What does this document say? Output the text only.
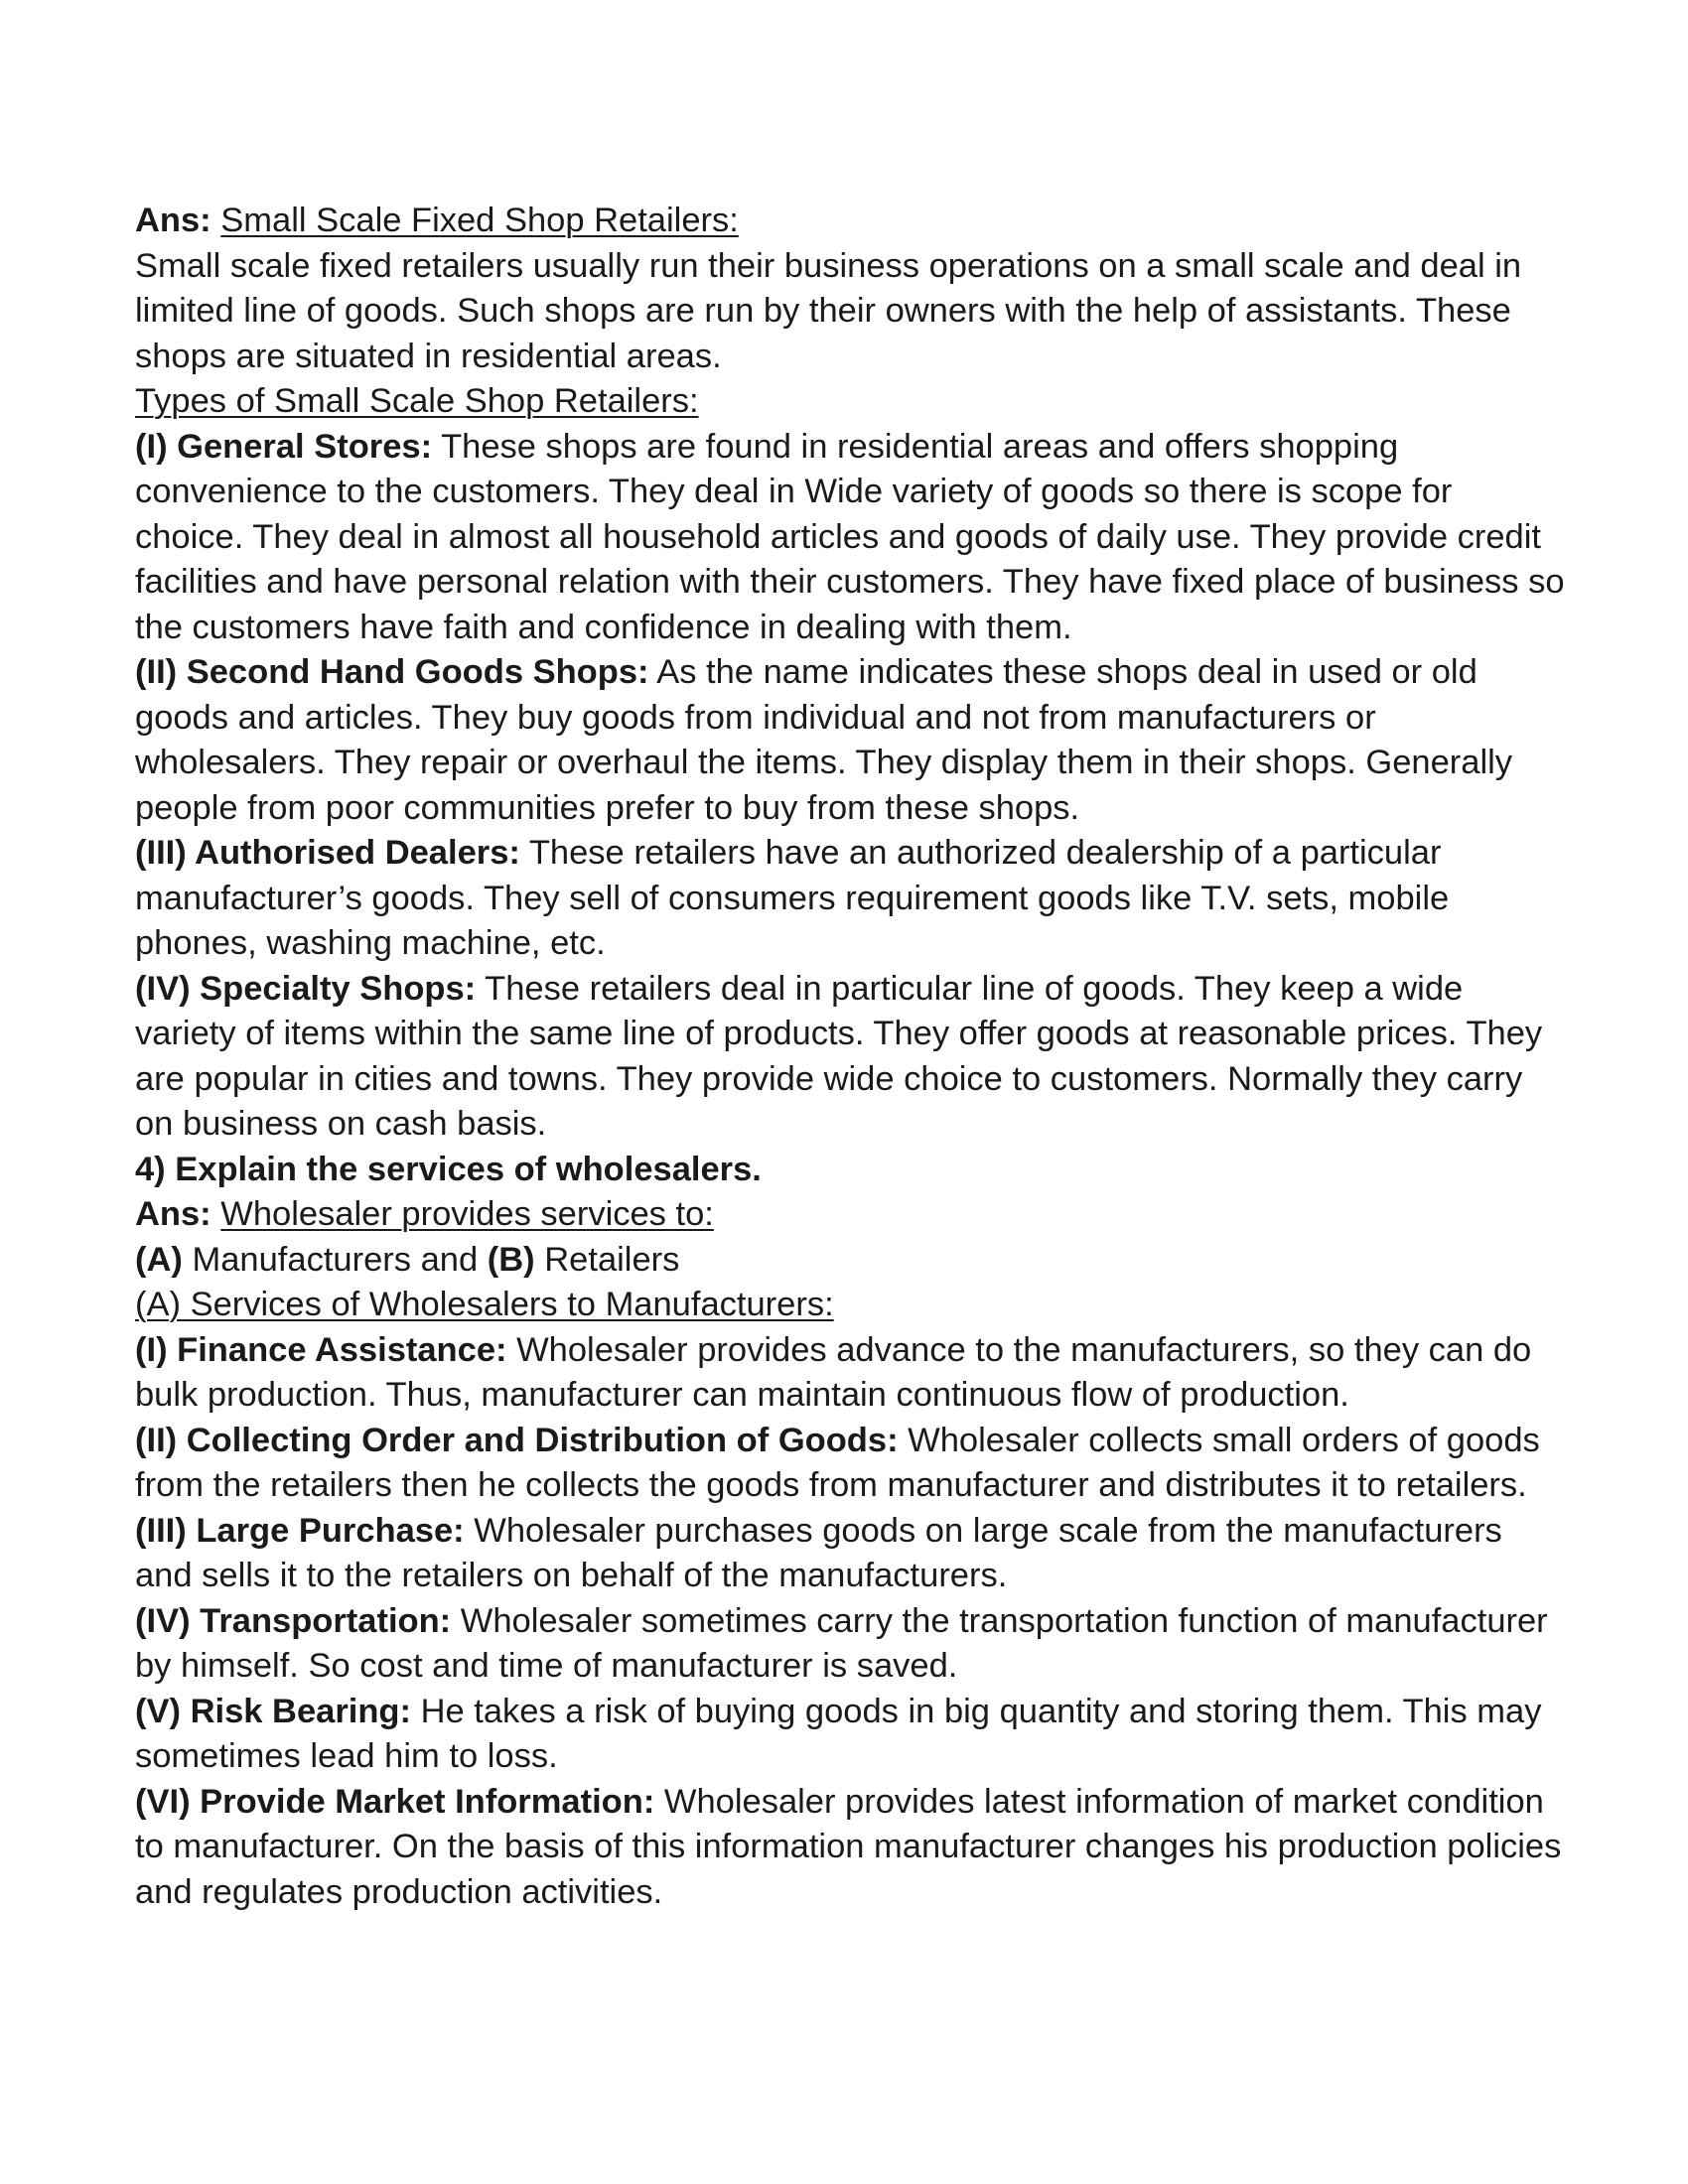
Ans: Small Scale Fixed Shop Retailers:
Small scale fixed retailers usually run their business operations on a small scale and deal in limited line of goods. Such shops are run by their owners with the help of assistants. These shops are situated in residential areas.
Types of Small Scale Shop Retailers:
(I) General Stores: These shops are found in residential areas and offers shopping convenience to the customers. They deal in Wide variety of goods so there is scope for choice. They deal in almost all household articles and goods of daily use. They provide credit facilities and have personal relation with their customers. They have fixed place of business so the customers have faith and confidence in dealing with them.
(II) Second Hand Goods Shops: As the name indicates these shops deal in used or old goods and articles. They buy goods from individual and not from manufacturers or wholesalers. They repair or overhaul the items. They display them in their shops. Generally people from poor communities prefer to buy from these shops.
(III) Authorised Dealers: These retailers have an authorized dealership of a particular manufacturer’s goods. They sell of consumers requirement goods like T.V. sets, mobile phones, washing machine, etc.
(IV) Specialty Shops: These retailers deal in particular line of goods. They keep a wide variety of items within the same line of products. They offer goods at reasonable prices. They are popular in cities and towns. They provide wide choice to customers. Normally they carry on business on cash basis.
4) Explain the services of wholesalers.
Ans: Wholesaler provides services to:
(A) Manufacturers and (B) Retailers
(A) Services of Wholesalers to Manufacturers:
(I) Finance Assistance: Wholesaler provides advance to the manufacturers, so they can do bulk production. Thus, manufacturer can maintain continuous flow of production.
(II) Collecting Order and Distribution of Goods: Wholesaler collects small orders of goods from the retailers then he collects the goods from manufacturer and distributes it to retailers.
(III) Large Purchase: Wholesaler purchases goods on large scale from the manufacturers and sells it to the retailers on behalf of the manufacturers.
(IV) Transportation: Wholesaler sometimes carry the transportation function of manufacturer by himself. So cost and time of manufacturer is saved.
(V) Risk Bearing: He takes a risk of buying goods in big quantity and storing them. This may sometimes lead him to loss.
(VI) Provide Market Information: Wholesaler provides latest information of market condition to manufacturer. On the basis of this information manufacturer changes his production policies and regulates production activities.
